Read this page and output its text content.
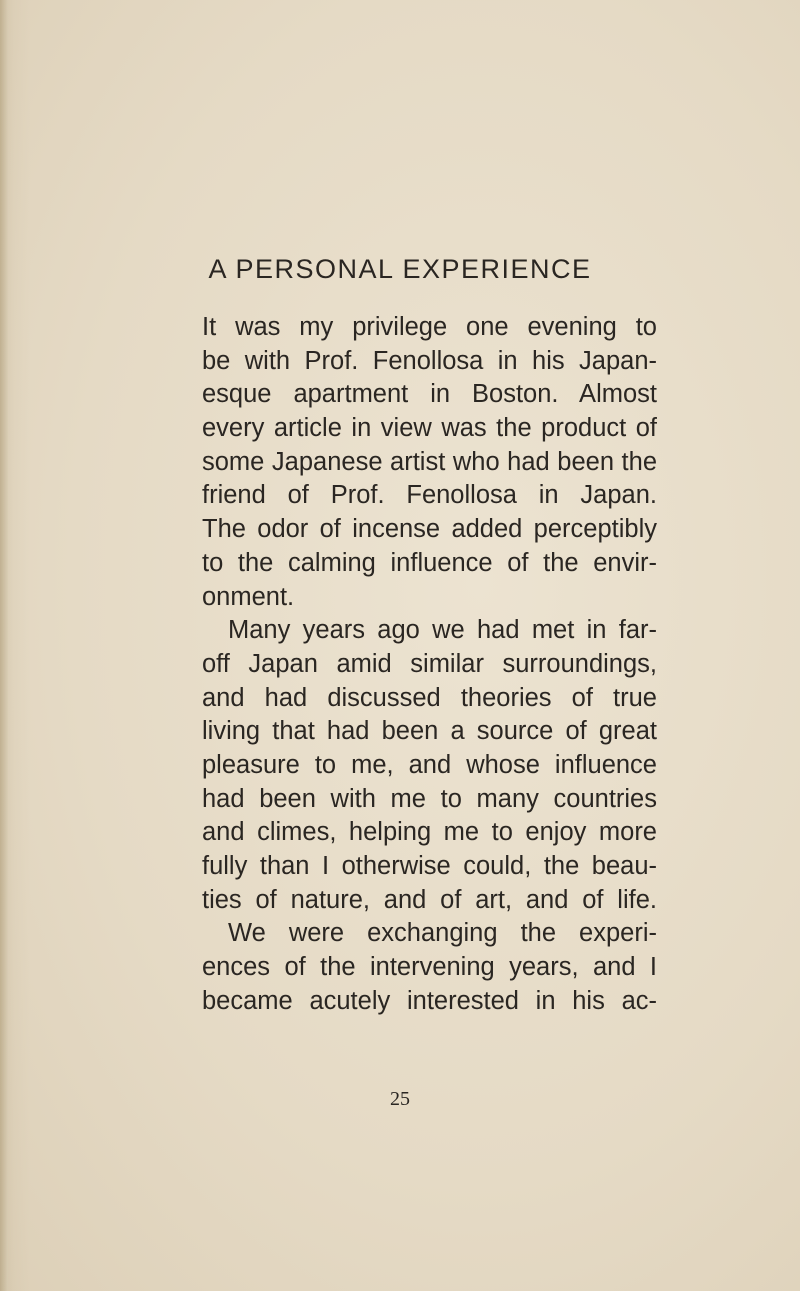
A PERSONAL EXPERIENCE
It was my privilege one evening to
be with Prof. Fenollosa in his Japan-
esque apartment in Boston. Almost
every article in view was the product of
some Japanese artist who had been the
friend of Prof. Fenollosa in Japan.
The odor of incense added perceptibly
to the calming influence of the envir-
onment.
Many years ago we had met in far-
off Japan amid similar surroundings,
and had discussed theories of true
living that had been a source of great
pleasure to me, and whose influence
had been with me to many countries
and climes, helping me to enjoy more
fully than I otherwise could, the beau-
ties of nature, and of art, and of life.
We were exchanging the experi-
ences of the intervening years, and I
became acutely interested in his ac-
25
